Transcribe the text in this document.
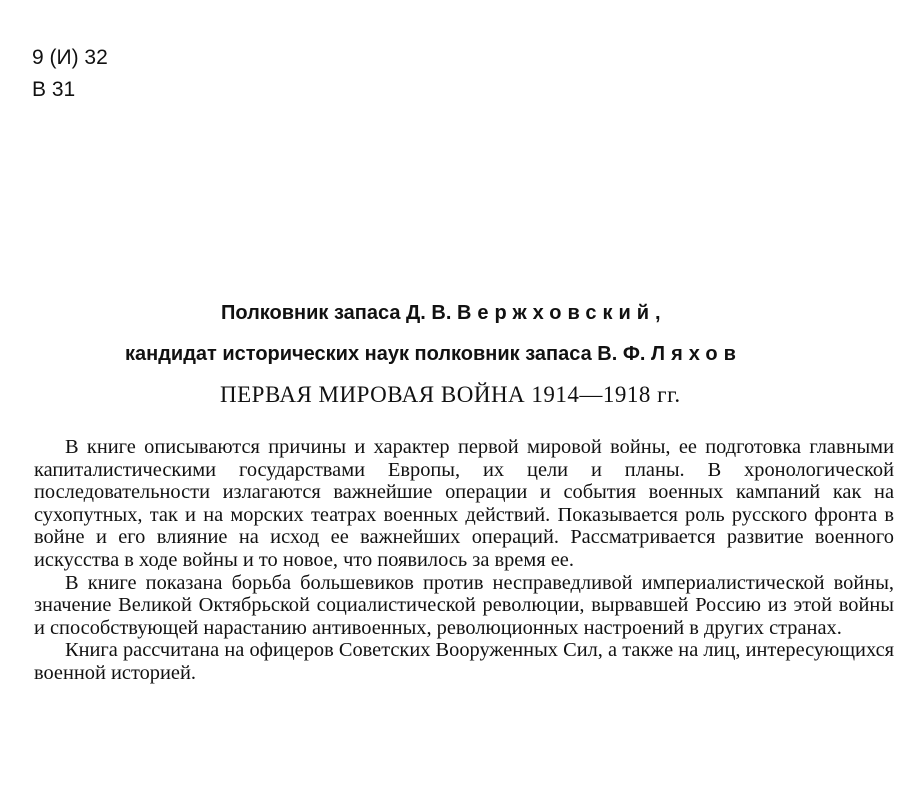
9 (И) 32
В 31
Полковник запаса Д. В. Вержховский,
кандидат исторических наук полковник запаса В. Ф. Ляхов
ПЕРВАЯ МИРОВАЯ ВОЙНА 1914—1918 гг.

В книге описываются причины и характер первой мировой войны, ее подготовка главными капиталистическими государствами Европы, их цели и планы. В хронологической последовательности излагаются важнейшие операции и события военных кампаний как на сухопутных, так и на морских театрах военных действий. Показывается роль русского фронта в войне и его влияние на исход ее важнейших операций. Рассматривается развитие военного искусства в ходе войны и то новое, что появилось за время ее.

В книге показана борьба большевиков против несправедливой империалистической войны, значение Великой Октябрьской социалистической революции, вырвавшей Россию из этой войны и способствующей нарастанию антивоенных, революционных настроений в других странах.

Книга рассчитана на офицеров Советских Вооруженных Сил, а также на лиц, интересующихся военной историей.
